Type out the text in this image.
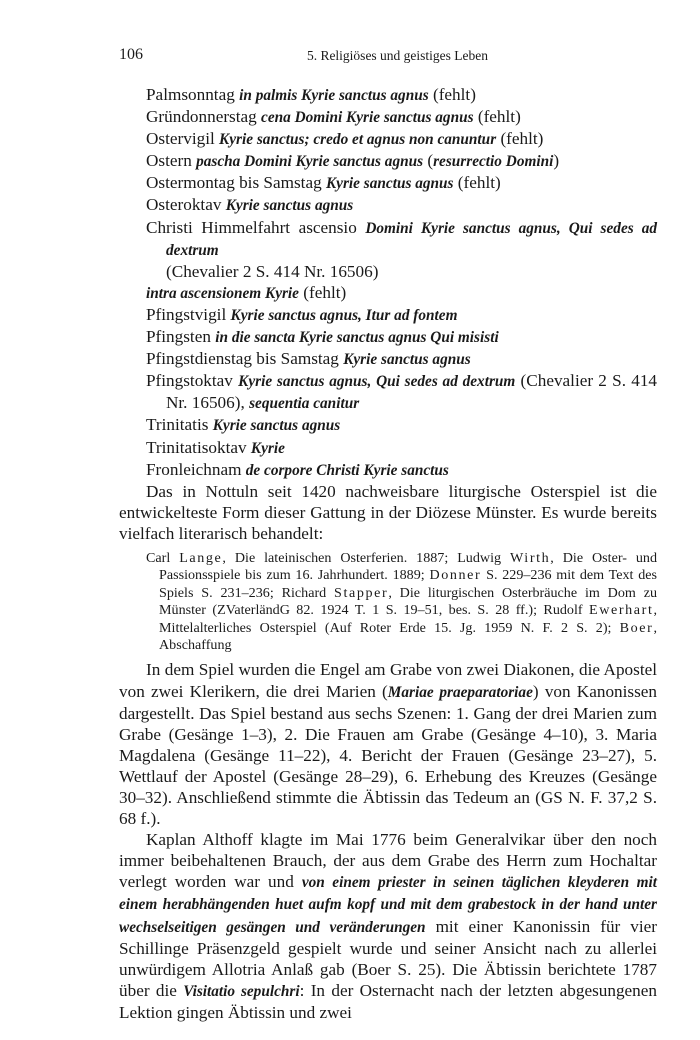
106	5. Religiöses und geistiges Leben
Palmsonntag in palmis Kyrie sanctus agnus (fehlt)
Gründonnerstag cena Domini Kyrie sanctus agnus (fehlt)
Ostervigil Kyrie sanctus; credo et agnus non canuntur (fehlt)
Ostern pascha Domini Kyrie sanctus agnus (resurrectio Domini)
Ostermontag bis Samstag Kyrie sanctus agnus (fehlt)
Osteroktav Kyrie sanctus agnus
Christi Himmelfahrt ascensio Domini Kyrie sanctus agnus, Qui sedes ad dextrum
(Chevalier 2 S. 414 Nr. 16506)
intra ascensionem Kyrie (fehlt)
Pfingstvigil Kyrie sanctus agnus, Itur ad fontem
Pfingsten in die sancta Kyrie sanctus agnus Qui misisti
Pfingstdienstag bis Samstag Kyrie sanctus agnus
Pfingstoktav Kyrie sanctus agnus, Qui sedes ad dextrum (Chevalier 2 S. 414 Nr. 16506), sequentia canitur
Trinitatis Kyrie sanctus agnus
Trinitatisoktav Kyrie
Fronleichnam de corpore Christi Kyrie sanctus

Das in Nottuln seit 1420 nachweisbare liturgische Osterspiel ist die entwickelteste Form dieser Gattung in der Diözese Münster. Es wurde bereits vielfach literarisch behandelt:

Carl Lange, Die lateinischen Osterferien. 1887; Ludwig Wirth, Die Oster- und Passionsspiele bis zum 16. Jahrhundert. 1889; Donner S. 229–236 mit dem Text des Spiels S. 231–236; Richard Stapper, Die liturgischen Osterbräuche im Dom zu Münster (ZVaterländG 82. 1924 T. 1 S. 19–51, bes. S. 28 ff.); Rudolf Ewerhart, Mittelalterliches Osterspiel (Auf Roter Erde 15. Jg. 1959 N. F. 2 S. 2); Boer, Abschaffung

In dem Spiel wurden die Engel am Grabe von zwei Diakonen, die Apostel von zwei Klerikern, die drei Marien (Mariae praeparatoriae) von Kanonissen dargestellt. Das Spiel bestand aus sechs Szenen: 1. Gang der drei Marien zum Grabe (Gesänge 1–3), 2. Die Frauen am Grabe (Gesänge 4–10), 3. Maria Magdalena (Gesänge 11–22), 4. Bericht der Frauen (Gesänge 23–27), 5. Wettlauf der Apostel (Gesänge 28–29), 6. Erhebung des Kreuzes (Gesänge 30–32). Anschließend stimmte die Äbtissin das Tedeum an (GS N. F. 37,2 S. 68 f.).

Kaplan Althoff klagte im Mai 1776 beim Generalvikar über den noch immer beibehaltenen Brauch, der aus dem Grabe des Herrn zum Hochaltar verlegt worden war und von einem priester in seinen täglichen kleyderen mit einem herabhängenden huet aufm kopf und mit dem grabestock in der hand unter wechselseitigen gesängen und veränderungen mit einer Kanonissin für vier Schillinge Präsenzgeld gespielt wurde und seiner Ansicht nach zu allerlei unwürdigem Allotria Anlaß gab (Boer S. 25). Die Äbtissin berichtete 1787 über die Visitatio sepulchri: In der Osternacht nach der letzten abgesungenen Lektion gingen Äbtissin und zwei
